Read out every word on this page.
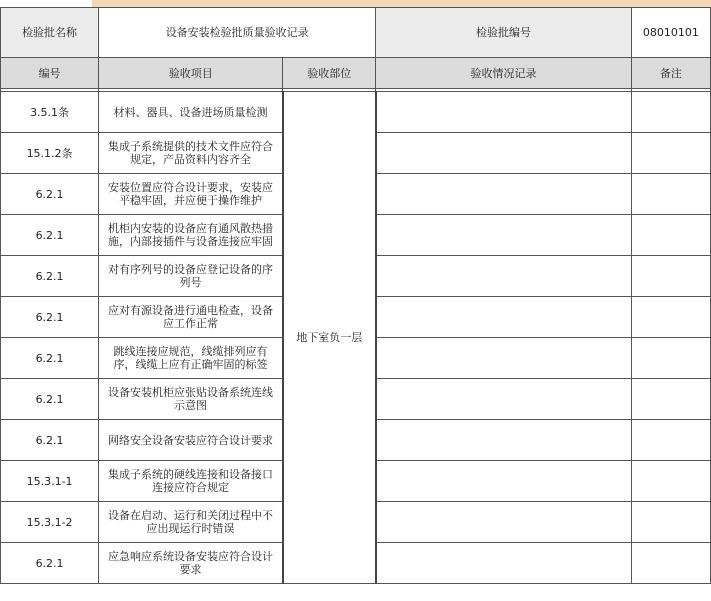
检验批名称	设备安装检验批质量验收记录		检验批编号	08010101
编号	验收项目	验收部位	验收情况记录	备注

3.5.1条	材料、器具、设备进场质量检测	地下室负一层		
15.1.2条	集成子系统提供的技术文件应符合规定，产品资料内容齐全			
6.2.1	安装位置应符合设计要求，安装应平稳牢固，并应便于操作维护			
6.2.1	机柜内安装的设备应有通风散热措施，内部接插件与设备连接应牢固			
6.2.1	对有序列号的设备应登记设备的序列号			
6.2.1	应对有源设备进行通电检查，设备应工作正常			
6.2.1	跳线连接应规范，线缆排列应有序，线缆上应有正确牢固的标签			
6.2.1	设备安装机柜应张贴设备系统连线示意图			
6.2.1	网络安全设备安装应符合设计要求			
15.3.1-1	集成子系统的硬线连接和设备接口连接应符合规定			
15.3.1-2	设备在启动、运行和关闭过程中不应出现运行时错误			
6.2.1	应急响应系统设备安装应符合设计要求			
